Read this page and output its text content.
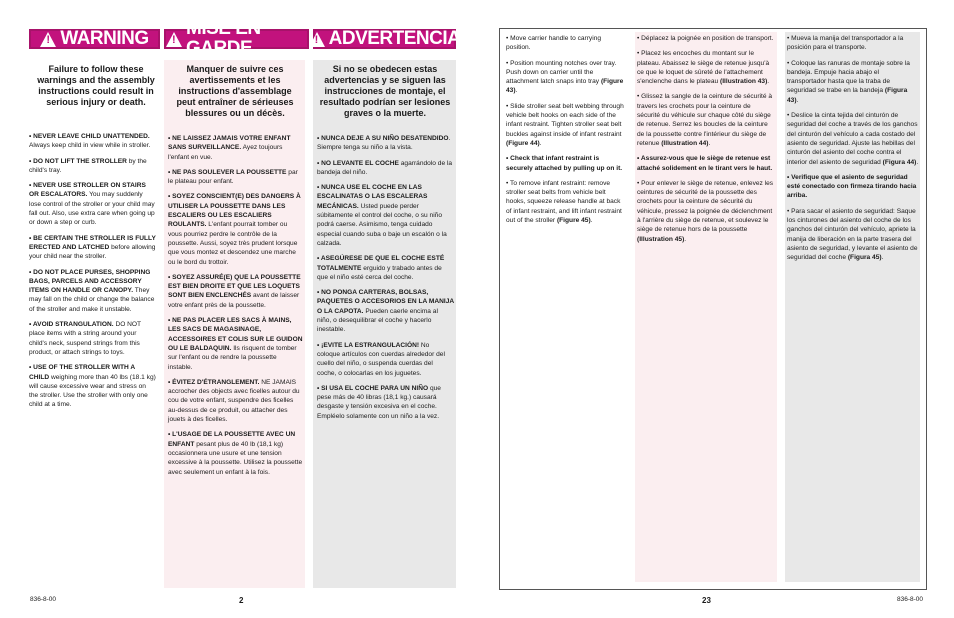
!
WARNING ! MISE EN GARDE !	ADVERTENCIA
Failure to follow these warnings and the assembly instructions could result in serious injury or death.
Manquer de suivre ces avertissements et les instructions d'assemblage peut entraîner de sérieuses blessures ou un décès.
Si no se obedecen estas advertencias y se siguen las instrucciones de montaje, el resultado podrían ser lesiones graves o la muerte.

• NEVER LEAVE CHILD UNATTENDED. Always keep child in view while in stroller.

• DO NOT LIFT THE STROLLER by the child's tray.

• NEVER USE STROLLER ON STAIRS OR ESCALATORS. You may suddenly lose control of the stroller or your child may fall out. Also, use extra care when going up or down a step or curb.

• BE CERTAIN THE STROLLER IS FULLY ERECTED AND LATCHED before allowing your child near the stroller.

• DO NOT PLACE PURSES, SHOPPING BAGS, PARCELS AND ACCESSORY ITEMS ON HANDLE OR CANOPY. They may fall on the child or change the balance of the stroller and make it unstable.

• AVOID STRANGULATION. DO NOT place items with a string around your child's neck, suspend strings from this product, or attach strings to toys.

• USE OF THE STROLLER WITH A CHILD weighing more than 40 lbs (18.1 kg) will cause excessive wear and stress on the stroller. Use the stroller with only one child at a time.

• NE LAISSEZ JAMAIS VOTRE ENFANT SANS SURVEILLANCE. Ayez toujours l'enfant en vue.

• NE PAS SOULEVER LA POUSSETTE par le plateau pour enfant.

• SOYEZ CONSCIENT(E) DES DANGERS À UTILISER LA POUSSETTE DANS LES ESCALIERS OU LES ESCALIERS ROULANTS. L'enfant pourrait tomber ou vous pourriez perdre le contrôle de la poussette. Aussi, soyez très prudent lorsque que vous montez et descendez une marche ou le bord du trottoir.

• SOYEZ ASSURÉ(E) QUE LA POUSSETTE EST BIEN DROITE ET QUE LES LOQUETS SONT BIEN ENCLENCHÉS avant de laisser votre enfant près de la poussette.

• NE PAS PLACER LES SACS À MAINS, LES SACS DE MAGASINAGE, ACCESSOIRES ET COLIS SUR LE GUIDON OU LE BALDAQUIN. Ils risquent de tomber sur l'enfant ou de rendre la poussette instable.

• ÉVITEZ D'ÉTRANGLEMENT. NE JAMAIS accrocher des objects avec ficelles autour du cou de votre enfant, suspendre des ficelles au-dessus de ce produit, ou attacher des jouets à des ficelles.

• L'USAGE DE LA POUSSETTE AVEC UN ENFANT pesant plus de 40 lb (18,1 kg) occasionnera une usure et une tension excessive à la poussette. Utilisez la poussette avec seulement un enfant à la fois.

• NUNCA DEJE A SU NIÑO DESATENDIDO. Siempre tenga su niño a la vista.

• NO LEVANTE EL COCHE agarrándolo de la bandeja del niño.

• NUNCA USE EL COCHE EN LAS ESCALINATAS O LAS ESCALERAS MECÁNICAS. Usted puede perder súbitamente el control del coche, o su niño podrá caerse. Asimismo, tenga cuidado especial cuando suba o baje un escalón o la calzada.

• ASEGÚRESE DE QUE EL COCHE ESTÉ TOTALMENTE erguido y trabado antes de que el niño esté cerca del coche.

• NO PONGA CARTERAS, BOLSAS, PAQUETES O ACCESORIOS EN LA MANIJA O LA CAPOTA. Pueden caerle encima al niño, o desequilibrar el coche y hacerlo inestable.

• ¡EVITE LA ESTRANGULACIÓN! No coloque artículos con cuerdas alrededor del cuello del niño, o suspenda cuerdas del coche, o colocarlas en los juguetes.

• SI USA EL COCHE PARA UN NIÑO que pese más de 40 libras (18,1 kg.) causará desgaste y tensión excesiva en el coche. Empléelo solamente con un niño a la vez.

836-8-00	2

• Move carrier handle to carrying position.

• Position mounting notches over tray. Push down on carrier until the attachment latch snaps into tray (Figure 43).

• Slide stroller seat belt webbing through vehicle belt hooks on each side of the infant restraint. Tighten stroller seat belt buckles against inside of infant restraint (Figure 44).

• Check that infant restraint is securely attached by pulling up on it.

• To remove infant restraint: remove stroller seat belts from vehicle belt hooks, squeeze release handle at back of infant restraint, and lift infant restraint out of the stroller (Figure 45).

• Déplacez la poignée en position de transport.

• Placez les encoches du montant sur le plateau. Abaissez le siège de retenue jusqu'à ce que le loquet de sûreté de l'attachement s'enclenche dans le plateau (Illustration 43).

• Glissez la sangle de la ceinture de sécurité à travers les crochets pour la ceinture de sécurité du véhicule sur chaque côté du siège de retenue. Serrez les boucles de la ceinture de la poussette contre l'intérieur du siège de retenue (Illustration 44).

• Assurez-vous que le siège de retenue est attaché solidement en le tirant vers le haut.

• Pour enlever le siège de retenue, enlevez les ceintures de sécurité de la poussette des crochets pour la ceinture de sécurité du véhicule, pressez la poignée de déclenchment à l'arrière du siège de retenue, et soulevez le siège de retenue hors de la poussette (Illustration 45).

• Mueva la manija del transportador a la posición para el transporte.

• Coloque las ranuras de montaje sobre la bandeja. Empuje hacia abajo el transportador hasta que la traba de seguridad se trabe en la bandeja (Figura 43).

• Deslice la cinta tejida del cinturón de seguridad del coche a través de los ganchos del cinturón del vehículo a cada costado del asiento de seguridad. Ajuste las hebillas del cinturón del asiento del coche contra el interior del asiento de seguridad (Figura 44).

• Verifique que el asiento de seguridad esté conectado con firmeza tirando hacia arriba.

• Para sacar el asiento de seguridad: Saque los cinturones del asiento del coche de los ganchos del cinturón del vehículo, apriete la manija de liberación en la parte trasera del asiento de seguridad, y levante el asiento de seguridad del coche (Figura 45).

23	836-8-00
